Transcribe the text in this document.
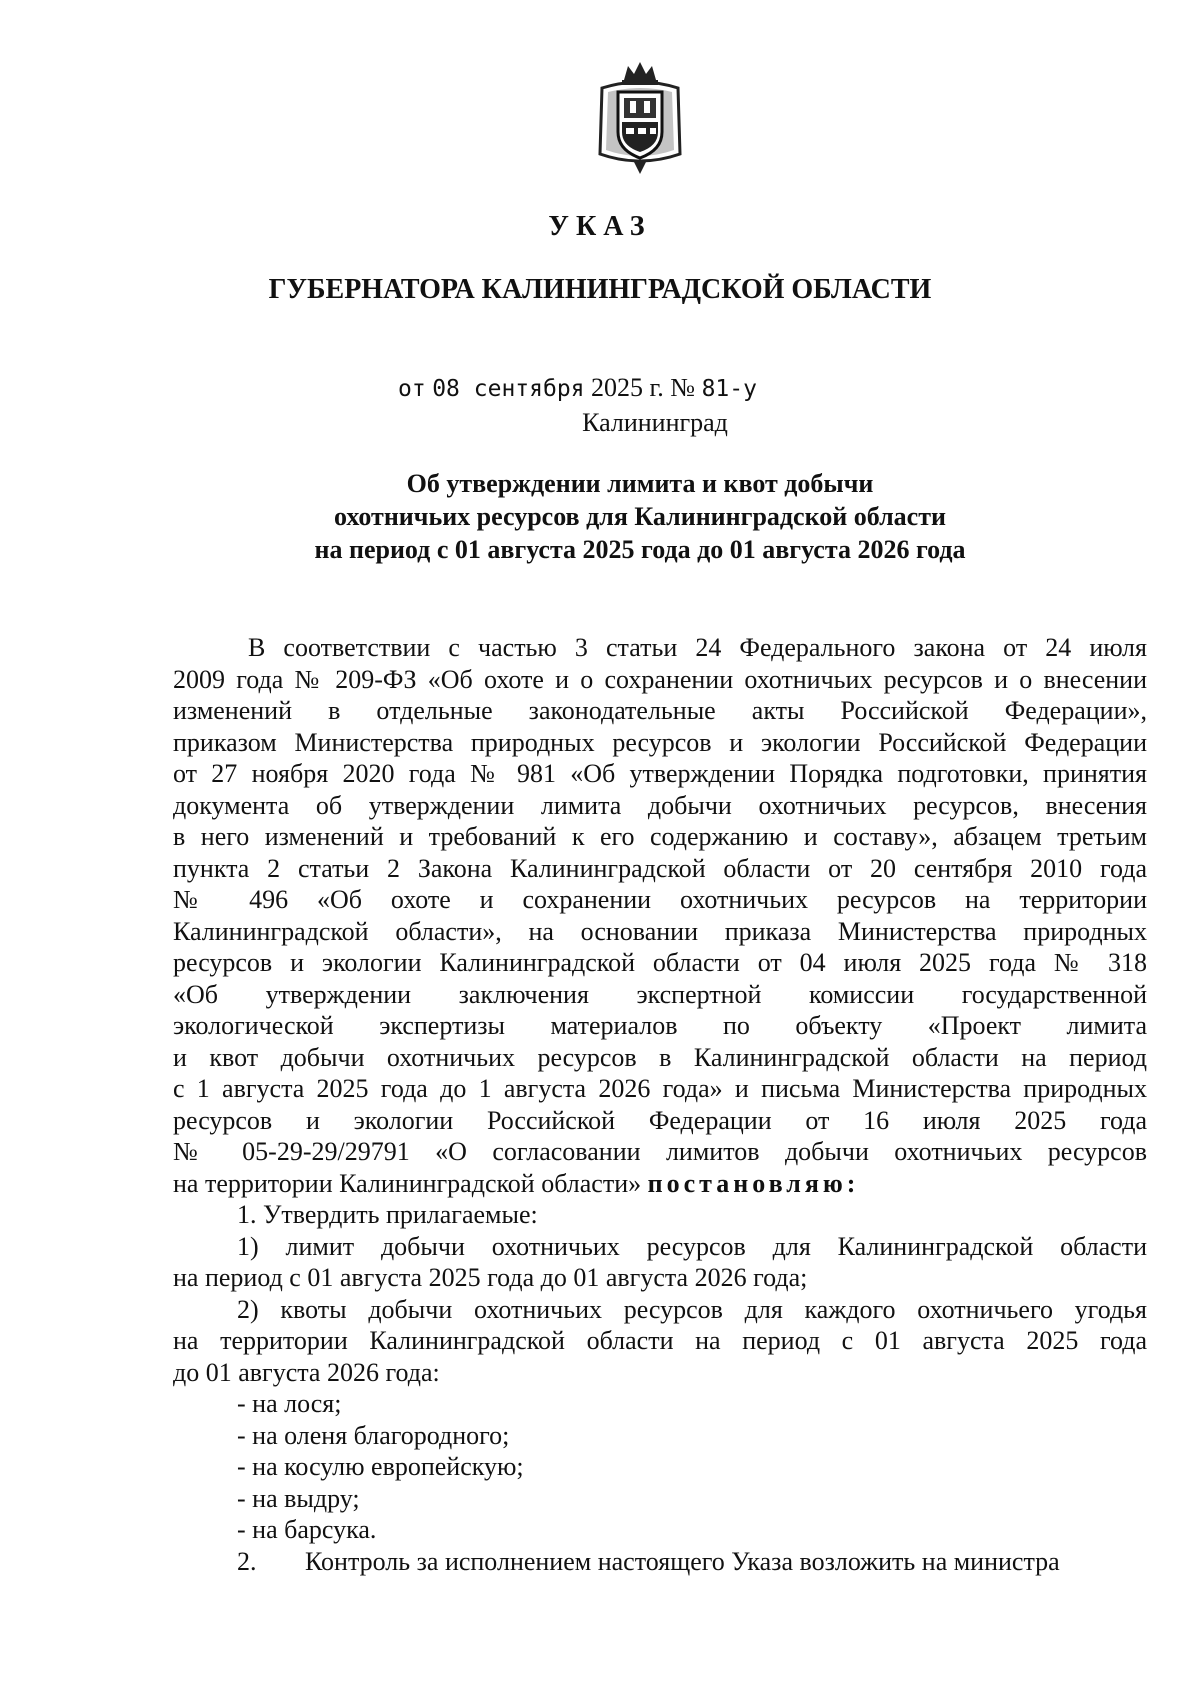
УКАЗ
ГУБЕРНАТОРА КАЛИНИНГРАДСКОЙ ОБЛАСТИ
от 08 сентября 2025 г. № 81-у
Калининград
Об утверждении лимита и квот добычи
охотничьих ресурсов для Калининградской области
на период с 01 августа 2025 года до 01 августа 2026 года
В соответствии с частью 3 статьи 24 Федерального закона от 24 июля
2009 года № 209-ФЗ «Об охоте и о сохранении охотничьих ресурсов и о внесении
изменений в отдельные законодательные акты Российской Федерации»,
приказом Министерства природных ресурсов и экологии Российской Федерации
от 27 ноября 2020 года № 981 «Об утверждении Порядка подготовки, принятия
документа об утверждении лимита добычи охотничьих ресурсов, внесения
в него изменений и требований к его содержанию и составу», абзацем третьим
пункта 2 статьи 2 Закона Калининградской области от 20 сентября 2010 года
№ 496 «Об охоте и сохранении охотничьих ресурсов на территории
Калининградской области», на основании приказа Министерства природных
ресурсов и экологии Калининградской области от 04 июля 2025 года № 318
«Об утверждении заключения экспертной комиссии государственной
экологической экспертизы материалов по объекту «Проект лимита
и квот добычи охотничьих ресурсов в Калининградской области на период
с 1 августа 2025 года до 1 августа 2026 года» и письма Министерства природных
ресурсов и экологии Российской Федерации от 16 июля 2025 года
№ 05-29-29/29791 «О согласовании лимитов добычи охотничьих ресурсов
на территории Калининградской области» постановляю:
1. Утвердить прилагаемые:
1) лимит добычи охотничьих ресурсов для Калининградской области
на период с 01 августа 2025 года до 01 августа 2026 года;
2) квоты добычи охотничьих ресурсов для каждого охотничьего угодья
на территории Калининградской области на период с 01 августа 2025 года
до 01 августа 2026 года:
- на лося;
- на оленя благородного;
- на косулю европейскую;
- на выдру;
- на барсука.
2. Контроль за исполнением настоящего Указа возложить на министра
